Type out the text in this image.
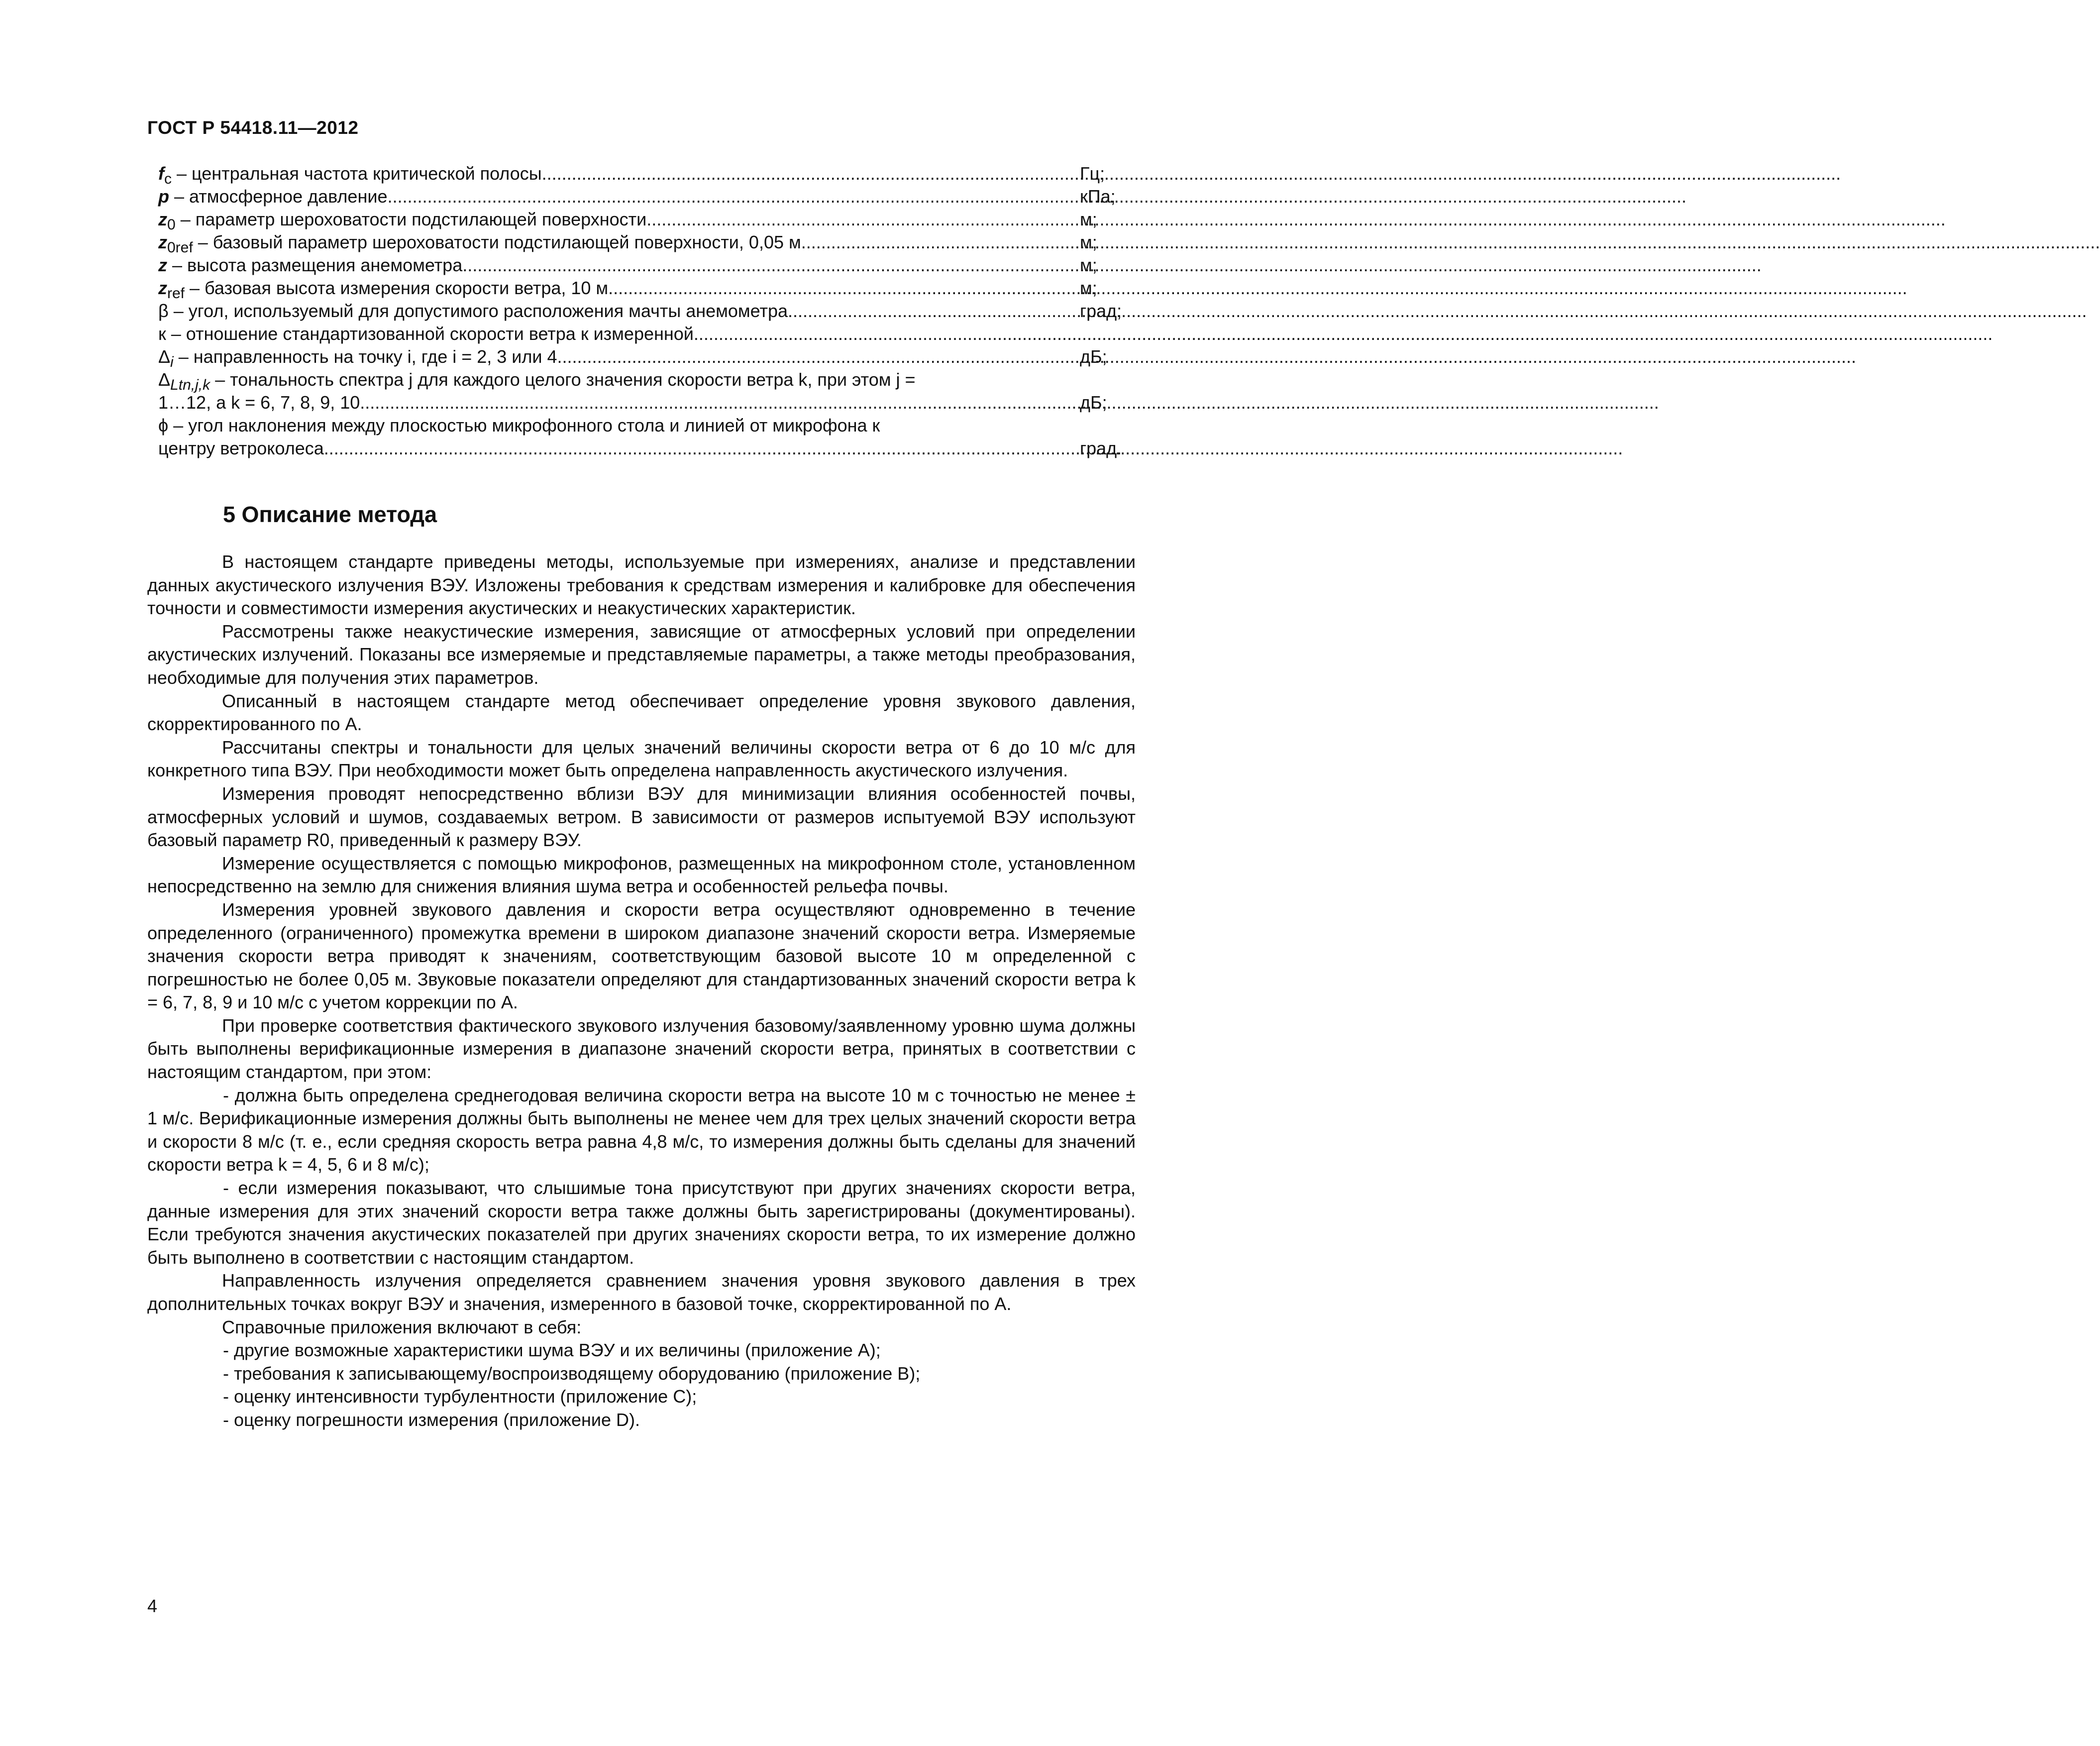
ГОСТ Р 54418.11—2012
$f_c$ – центральная частота критической полосы .....	Гц;
p – атмосферное давление .....	кПа;
$z_0$ – параметр шероховатости подстилающей поверхности .....	м;
$z_{0ref}$ – базовый параметр шероховатости подстилающей поверхности, 0,05 м .....	м;
z – высота размещения анемометра .....	м;
$z_{ref}$ – базовая высота измерения скорости ветра, 10 м .....	м;
β – угол, используемый для допустимого расположения мачты анемометра .....	град;
к – отношение стандартизованной скорости ветра к измеренной
.....
$\Delta_i$ – направленность на точку i, где i = 2, 3 или 4 .....	дБ;
$\Delta_{Ltn,j,k}$ – тональность спектра j для каждого целого значения скорости ветра k, при этом j =
1…12, а k = 6, 7, 8, 9, 10 .....	дБ;
ϕ – угол наклонения между плоскостью микрофонного стола и линией от микрофона к
центру ветроколеса .....	град.
5 Описание метода

В настоящем стандарте приведены методы, используемые при измерениях, анализе и представлении данных акустического излучения ВЭУ. Изложены требования к средствам измерения и калибровке для обеспечения точности и совместимости измерения акустических и неакустических характеристик.

Рассмотрены также неакустические измерения, зависящие от атмосферных условий при определении акустических излучений. Показаны все измеряемые и представляемые параметры, а также методы преобразования, необходимые для получения этих параметров.

Описанный в настоящем стандарте метод обеспечивает определение уровня звукового давления, скорректированного по А.

Рассчитаны спектры и тональности для целых значений величины скорости ветра от 6 до 10 м/с для конкретного типа ВЭУ. При необходимости может быть определена направленность акустического излучения.

Измерения проводят непосредственно вблизи ВЭУ для минимизации влияния особенностей почвы, атмосферных условий и шумов, создаваемых ветром. В зависимости от размеров испытуемой ВЭУ используют базовый параметр R0, приведенный к размеру ВЭУ.

Измерение осуществляется с помощью микрофонов, размещенных на микрофонном столе, установленном непосредственно на землю для снижения влияния шума ветра и особенностей рельефа почвы.

Измерения уровней звукового давления и скорости ветра осуществляют одновременно в течение определенного (ограниченного) промежутка времени в широком диапазоне значений скорости ветра. Измеряемые значения скорости ветра приводят к значениям, соответствующим базовой высоте 10 м определенной с погрешностью не более 0,05 м. Звуковые показатели определяют для стандартизованных значений скорости ветра k = 6, 7, 8, 9 и 10 м/с с учетом коррекции по А.

При проверке соответствия фактического звукового излучения базовому/заявленному уровню шума должны быть выполнены верификационные измерения в диапазоне значений скорости ветра, принятых в соответствии с настоящим стандартом, при этом:

- должна быть определена среднегодовая величина скорости ветра на высоте 10 м с точностью не менее ± 1 м/с. Верификационные измерения должны быть выполнены не менее чем для трех целых значений скорости ветра и скорости 8 м/с (т. е., если средняя скорость ветра равна 4,8 м/с, то измерения должны быть сделаны для значений скорости ветра k = 4, 5, 6 и 8 м/с);

- если измерения показывают, что слышимые тона присутствуют при других значениях скорости ветра, данные измерения для этих значений скорости ветра также должны быть зарегистрированы (документированы). Если требуются значения акустических показателей при других значениях скорости ветра, то их измерение должно быть выполнено в соответствии с настоящим стандартом.

Направленность излучения определяется сравнением значения уровня звукового давления в трех дополнительных точках вокруг ВЭУ и значения, измеренного в базовой точке, скорректированной по А.

Справочные приложения включают в себя:

- другие возможные характеристики шума ВЭУ и их величины (приложение А);

- требования к записывающему/воспроизводящему оборудованию (приложение В);

- оценку интенсивности турбулентности (приложение С);

- оценку погрешности измерения (приложение D).

4
